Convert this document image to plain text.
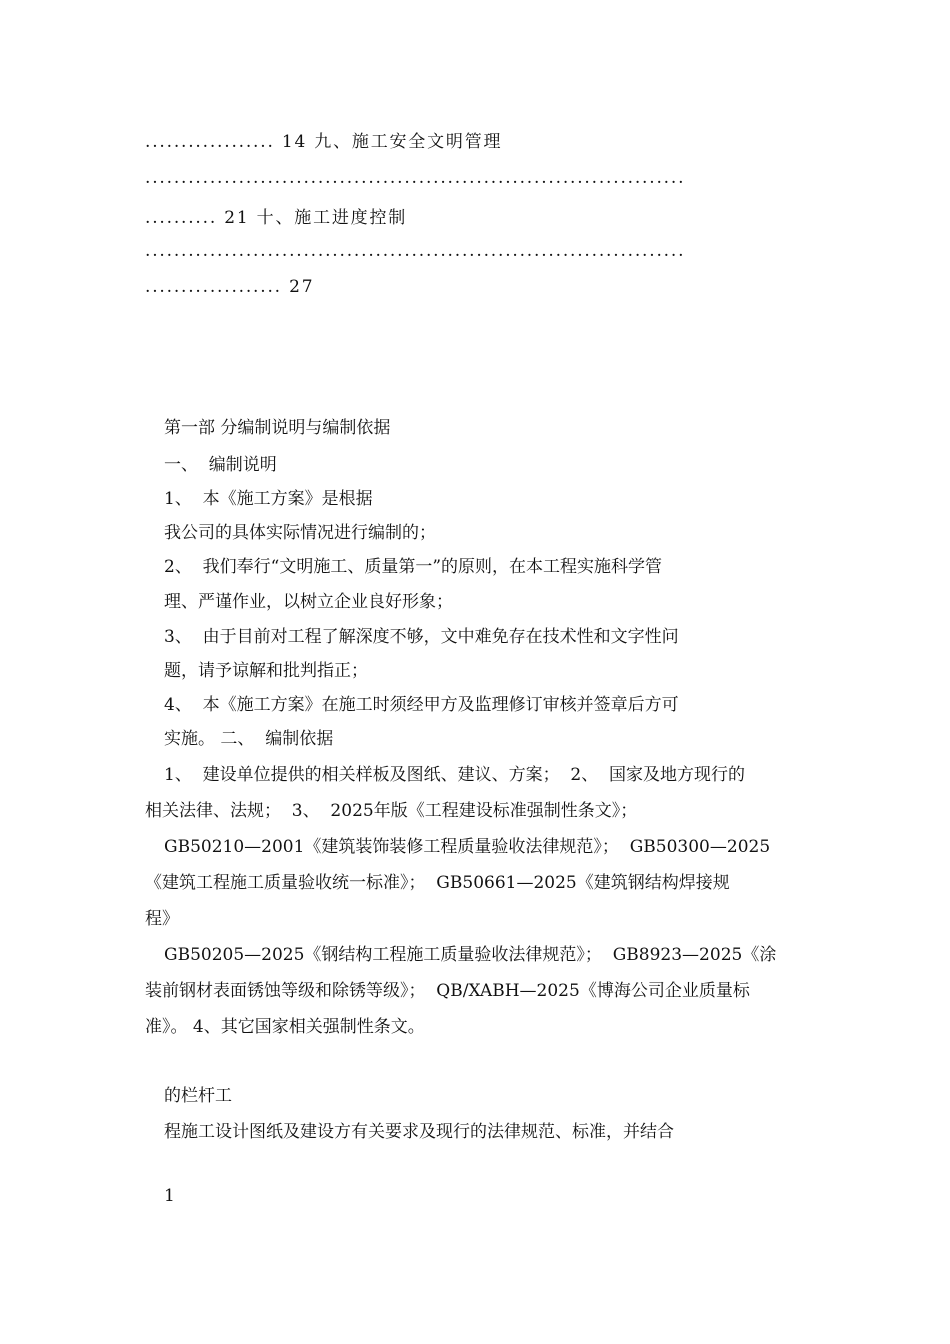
.................. 14 九、施工安全文明管理
...........................................................................
.......... 21 十、施工进度控制
...........................................................................
................... 27
第一部 分编制说明与编制依据
一、  编制说明
1、  本《施工方案》是根据
我公司的具体实际情况进行编制的；
2、  我们奉行“文明施工、质量第一”的原则，在本工程实施科学管
理、严谨作业，以树立企业良好形象；
3、  由于目前对工程了解深度不够，文中难免存在技术性和文字性问
题，请予谅解和批判指正；
4、  本《施工方案》在施工时须经甲方及监理修订审核并签章后方可
实施。 二、  编制依据
1、  建设单位提供的相关样板及图纸、建议、方案；  2、  国家及地方现行的
相关法律、法规；  3、  2025年版《工程建设标准强制性条文》；
GB50210—2001《建筑装饰装修工程质量验收法律规范》；  GB50300—2025
《建筑工程施工质量验收统一标准》；  GB50661—2025《建筑钢结构焊接规
程》
GB50205—2025《钢结构工程施工质量验收法律规范》；  GB8923—2025《涂
装前钢材表面锈蚀等级和除锈等级》；  QB/XABH—2025《博海公司企业质量标
准》。 4、其它国家相关强制性条文。
的栏杆工
程施工设计图纸及建设方有关要求及现行的法律规范、标准，并结合
1
